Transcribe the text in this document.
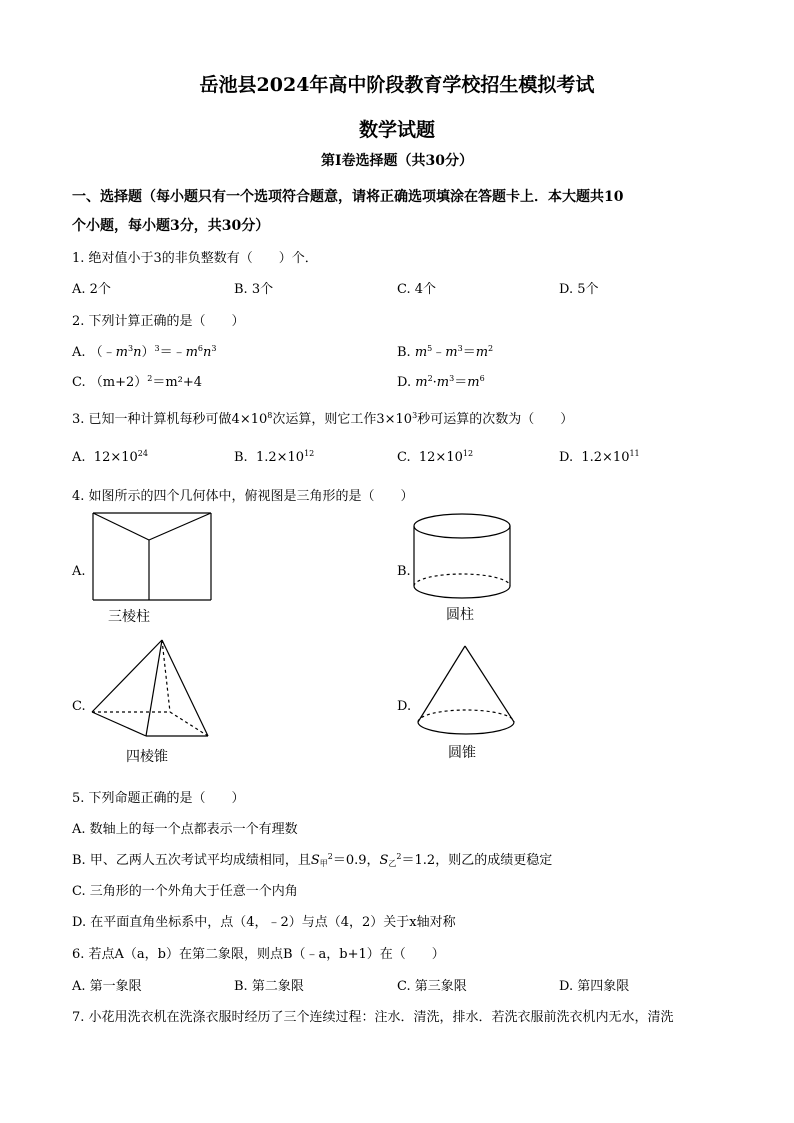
岳池县2024年高中阶段教育学校招生模拟考试
数学试题
第Ⅰ卷选择题（共30分）
一、选择题（每小题只有一个选项符合题意，请将正确选项填涂在答题卡上．本大题共10
个小题，每小题3分，共30分）
1. 绝对值小于3的非负整数有（　　）个．
A. 2个	B. 3个	C. 4个	D. 5个
2. 下列计算正确的是（　　）
A. $(﹣m^3n)^3=﹣m^6n^3$	B. $m^5﹣m^3=m^2$
C. $(m+2)^2=m^2+4$	D. $m^2\cdot m^3=m^6$
3. 已知一种计算机每秒可做$4\times 10^8$次运算，则它工作$3\times 10^3$秒可运算的次数为（　　）
A. $12\times 10^{24}$	B. $1.2\times 10^{12}$	C. $12\times 10^{12}$	D. $1.2\times 10^{11}$
4. 如图所示的四个几何体中，俯视图是三角形的是（　　）
A.
三棱柱
B.
圆柱
C.
四棱锥
D.
圆锥
5. 下列命题正确的是（　　）
A. 数轴上的每一个点都表示一个有理数
B. 甲、乙两人五次考试平均成绩相同，且$S_甲^2=0.9$，$S_乙^2=1.2$，则乙的成绩更稳定
C. 三角形的一个外角大于任意一个内角
D. 在平面直角坐标系中，点（4，﹣2）与点（4，2）关于x轴对称
6. 若点A（a，b）在第二象限，则点B（﹣a，b+1）在（　　）
A. 第一象限	B. 第二象限	C. 第三象限	D. 第四象限
7. 小花用洗衣机在洗涤衣服时经历了三个连续过程：注水．清洗，排水．若洗衣服前洗衣机内无水，清洗
